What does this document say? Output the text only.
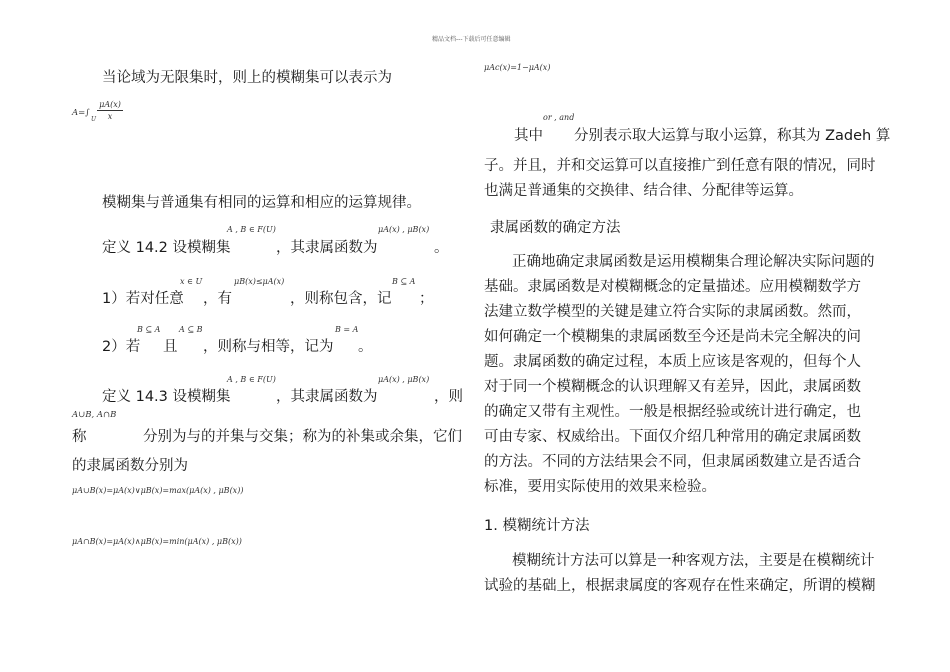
精品文档---下载后可任意编辑
当论域为无限集时，则上的模糊集可以表示为
A=∫
U
μA(x)
x
模糊集与普通集有相同的运算和相应的运算规律。
A , B ∈ F(U)	μA(x) , μB(x)
定义 14.2 设模糊集	，其隶属函数为	。
x ∈ U	μB(x)≤μA(x)	B ⊆ A
1）若对任意 ，有	，则称包含，记 ；
B ⊆ A A ⊆ B	B = A
2）若 且 ，则称与相等，记为 。
A , B ∈ F(U)	μA(x) , μB(x)
定义 14.3 设模糊集	，其隶属函数为	，则
A∪B, A∩B
称	分别为与的并集与交集；称为的补集或余集，它们
的隶属函数分别为
μA∪B(x)=μA(x)∨μB(x)=max(μA(x) , μB(x))
μA∩B(x)=μA(x)∧μB(x)=min(μA(x) , μB(x))
μAc(x)=1−μA(x)
or , and
其中 分别表示取大运算与取小运算，称其为 Zadeh 算
子。并且，并和交运算可以直接推广到任意有限的情况，同时
也满足普通集的交换律、结合律、分配律等运算。
隶属函数的确定方法
正确地确定隶属函数是运用模糊集合理论解决实际问题的
基础。隶属函数是对模糊概念的定量描述。应用模糊数学方
法建立数学模型的关键是建立符合实际的隶属函数。然而，
如何确定一个模糊集的隶属函数至今还是尚未完全解决的问
题。隶属函数的确定过程，本质上应该是客观的，但每个人
对于同一个模糊概念的认识理解又有差异，因此，隶属函数
的确定又带有主观性。一般是根据经验或统计进行确定，也
可由专家、权威给出。下面仅介绍几种常用的确定隶属函数
的方法。不同的方法结果会不同，但隶属函数建立是否适合
标准，要用实际使用的效果来检验。
1. 模糊统计方法
模糊统计方法可以算是一种客观方法，主要是在模糊统计
试验的基础上，根据隶属度的客观存在性来确定，所谓的模糊
